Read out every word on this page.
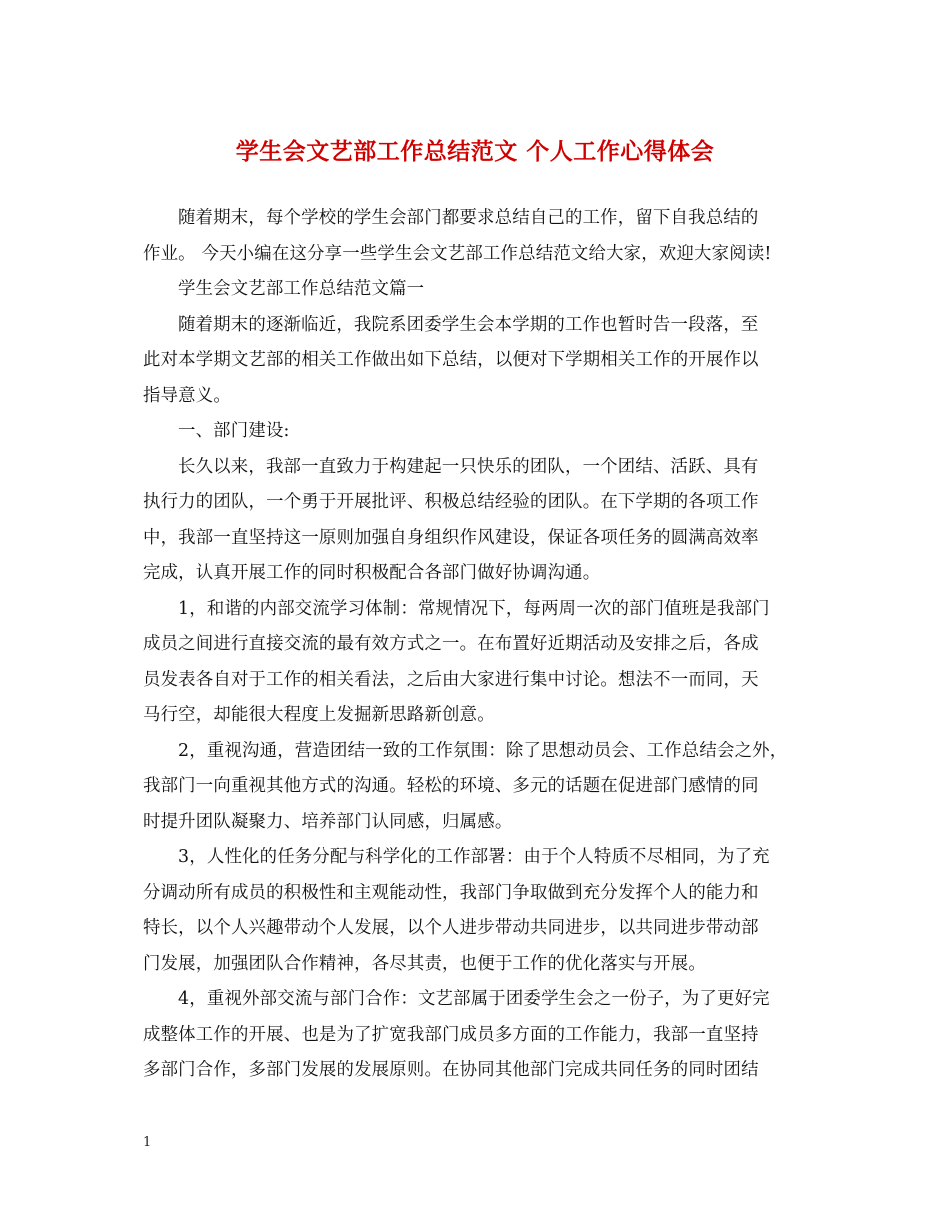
学生会文艺部工作总结范文 个人工作心得体会
随着期末，每个学校的学生会部门都要求总结自己的工作，留下自我总结的
作业。 今天小编在这分享一些学生会文艺部工作总结范文给大家，欢迎大家阅读!
学生会文艺部工作总结范文篇一
随着期末的逐渐临近，我院系团委学生会本学期的工作也暂时告一段落，至
此对本学期文艺部的相关工作做出如下总结，以便对下学期相关工作的开展作以
指导意义。
一、部门建设:
长久以来，我部一直致力于构建起一只快乐的团队，一个团结、活跃、具有
执行力的团队，一个勇于开展批评、积极总结经验的团队。在下学期的各项工作
中，我部一直坚持这一原则加强自身组织作风建设，保证各项任务的圆满高效率
完成，认真开展工作的同时积极配合各部门做好协调沟通。
1，和谐的内部交流学习体制：常规情况下，每两周一次的部门值班是我部门
成员之间进行直接交流的最有效方式之一。在布置好近期活动及安排之后，各成
员发表各自对于工作的相关看法，之后由大家进行集中讨论。想法不一而同，天
马行空，却能很大程度上发掘新思路新创意。
2，重视沟通，营造团结一致的工作氛围：除了思想动员会、工作总结会之外，
我部门一向重视其他方式的沟通。轻松的环境、多元的话题在促进部门感情的同
时提升团队凝聚力、培养部门认同感，归属感。
3，人性化的任务分配与科学化的工作部署：由于个人特质不尽相同，为了充
分调动所有成员的积极性和主观能动性，我部门争取做到充分发挥个人的能力和
特长，以个人兴趣带动个人发展，以个人进步带动共同进步，以共同进步带动部
门发展，加强团队合作精神，各尽其责，也便于工作的优化落实与开展。
4，重视外部交流与部门合作：文艺部属于团委学生会之一份子，为了更好完
成整体工作的开展、也是为了扩宽我部门成员多方面的工作能力，我部一直坚持
多部门合作，多部门发展的发展原则。在协同其他部门完成共同任务的同时团结
1
